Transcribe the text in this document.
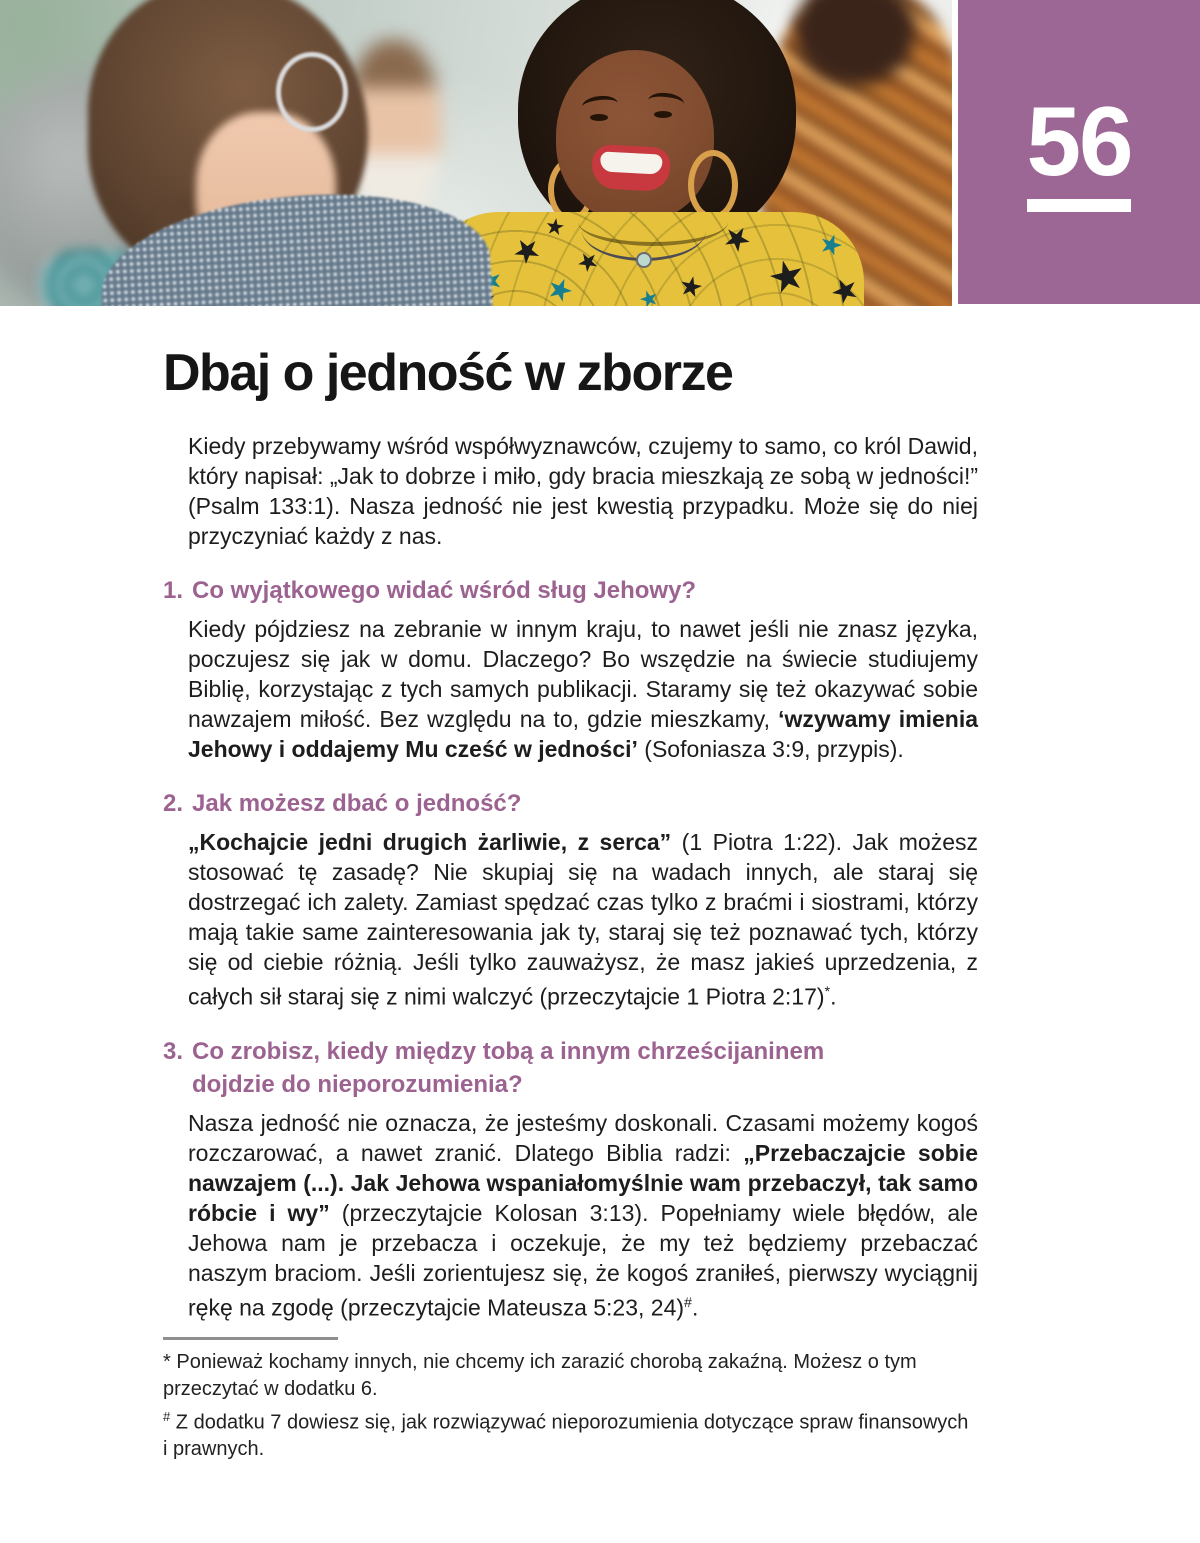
56
Dbaj o jedność w zborze

Kiedy przebywamy wśród współwyznawców, czujemy to samo, co król Dawid, który napisał: „Jak to dobrze i miło, gdy bracia mieszkają ze sobą w jedności!” (Psalm 133:1). Nasza jedność nie jest kwestią przypadku. Może się do niej przyczyniać każdy z nas.

1. Co wyjątkowego widać wśród sług Jehowy?

Kiedy pójdziesz na zebranie w innym kraju, to nawet jeśli nie znasz języka, poczujesz się jak w domu. Dlaczego? Bo wszędzie na świecie studiujemy Biblię, korzystając z tych samych publikacji. Staramy się też okazywać sobie nawzajem miłość. Bez względu na to, gdzie mieszkamy, ‘wzywamy imienia Jehowy i oddajemy Mu cześć w jedności’ (Sofoniasza 3:9, przypis).

2. Jak możesz dbać o jedność?

„Kochajcie jedni drugich żarliwie, z serca” (1 Piotra 1:22). Jak możesz stosować tę zasadę? Nie skupiaj się na wadach innych, ale staraj się dostrzegać ich zalety. Zamiast spędzać czas tylko z braćmi i siostrami, którzy mają takie same zainteresowania jak ty, staraj się też poznawać tych, którzy się od ciebie różnią. Jeśli tylko zauważysz, że masz jakieś uprzedzenia, z całych sił staraj się z nimi walczyć (przeczytajcie 1 Piotra 2:17)*.

3. Co zrobisz, kiedy między tobą a innym chrześcijaninem
dojdzie do nieporozumienia?

Nasza jedność nie oznacza, że jesteśmy doskonali. Czasami możemy kogoś rozczarować, a nawet zranić. Dlatego Biblia radzi: „Przebaczajcie sobie nawzajem (...). Jak Jehowa wspaniałomyślnie wam przebaczył, tak samo róbcie i wy” (przeczytajcie Kolosan 3:13). Popełniamy wiele błędów, ale Jehowa nam je przebacza i oczekuje, że my też będziemy przebaczać naszym braciom. Jeśli zorientujesz się, że kogoś zraniłeś, pierwszy wyciągnij rękę na zgodę (przeczytajcie Mateusza 5:23, 24)#.

* Ponieważ kochamy innych, nie chcemy ich zarazić chorobą zakaźną. Możesz o tym przeczytać w dodatku 6.

# Z dodatku 7 dowiesz się, jak rozwiązywać nieporozumienia dotyczące spraw finansowych i prawnych.
